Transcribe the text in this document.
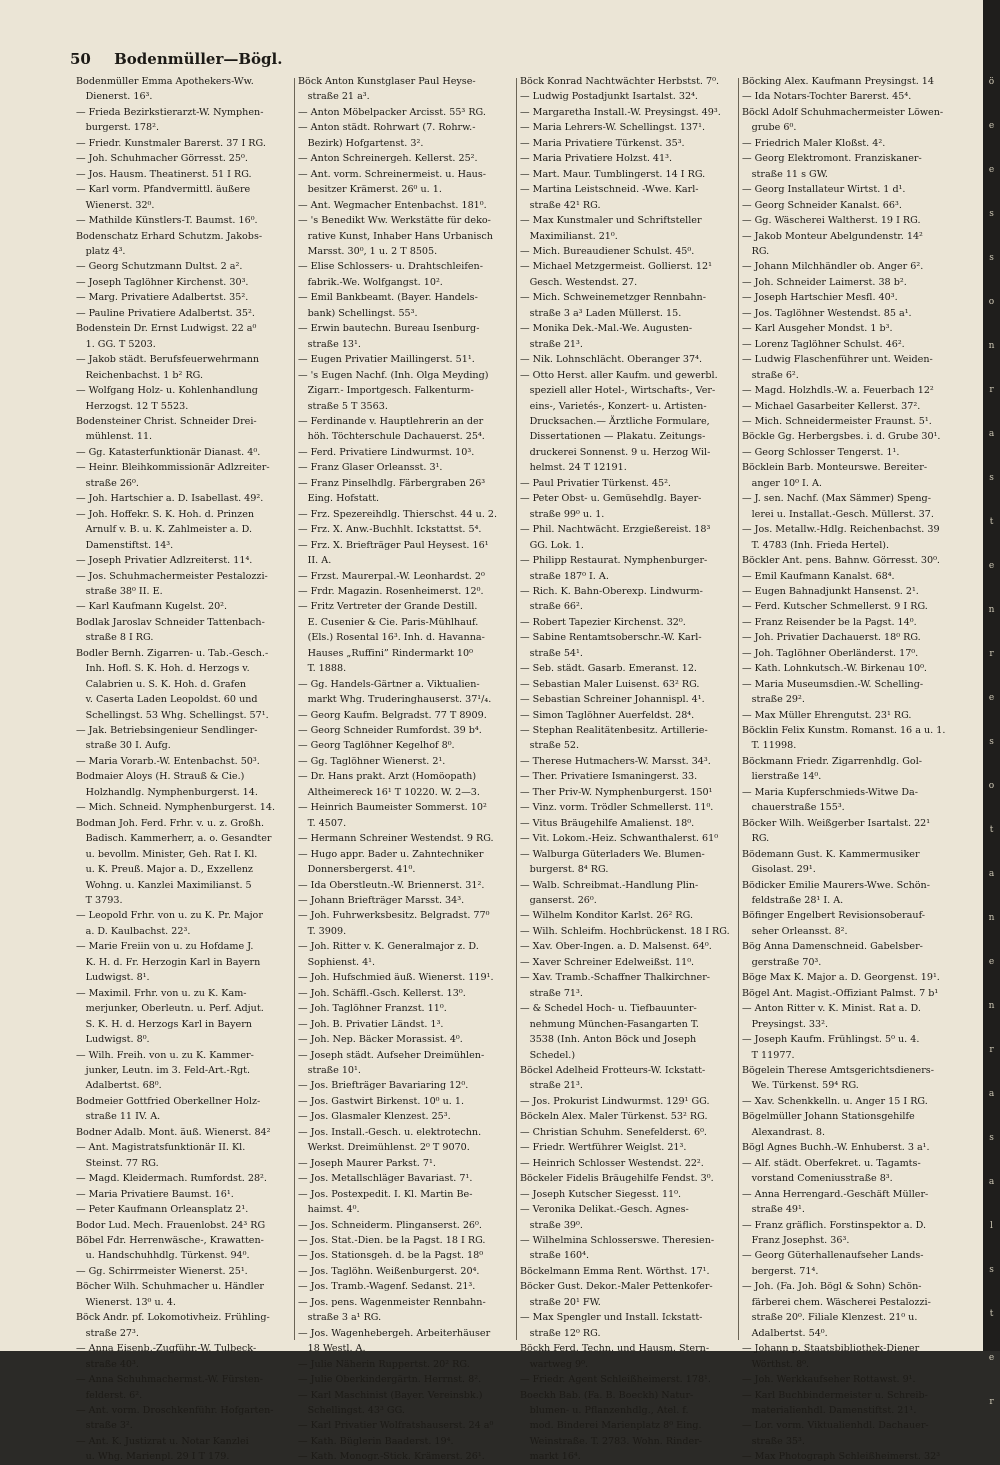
50 Bodenmüller—Bögl.
Bodenmüller Emma Apothekers-Ww.
 Dienerst. 16³.
— Frieda Bezirkstierarzt-W. Nymphen-
 burgerst. 178².
— Friedr. Kunstmaler Barerst. 37 I RG.
— Joh. Schuhmacher Görresst. 25⁰.
— Jos. Hausm. Theatinerst. 51 I RG.
— Karl vorm. Pfandvermittl. äußere
 Wienerst. 32⁰.
— Mathilde Künstlers-T. Baumst. 16⁰.
Bodenschatz Erhard Schutzm. Jakobs-
 platz 4³.
— Georg Schutzmann Dultst. 2 a².
— Joseph Taglöhner Kirchenst. 30³.
— Marg. Privatiere Adalbertst. 35².
— Pauline Privatiere Adalbertst. 35².
Bodenstein Dr. Ernst Ludwigst. 22 a⁰
 1. GG. T 5203.
— Jakob städt. Berufsfeuerwehrmann
 Reichenbachst. 1 b² RG.
— Wolfgang Holz- u. Kohlenhandlung
 Herzogst. 12 T 5523.
Bodensteiner Christ. Schneider Drei-
 mühlenst. 11.
— Gg. Katasterfunktionär Dianast. 4⁰.
— Heinr. Bleihkommissionär Adlzreiter-
 straße 26⁰.
— Joh. Hartschier a. D. Isabellast. 49².
— Joh. Hoffekr. S. K. Hoh. d. Prinzen
 Arnulf v. B. u. K. Zahlmeister a. D.
 Damenstiftst. 14³.
— Joseph Privatier Adlzreiterst. 11⁴.
— Jos. Schuhmachermeister Pestalozzi-
 straße 38⁰ II. E.
— Karl Kaufmann Kugelst. 20².
Bodlak Jaroslav Schneider Tattenbach-
 straße 8 I RG.
Bodler Bernh. Zigarren- u. Tab.-Gesch.-
 Inh. Hofl. S. K. Hoh. d. Herzogs v.
 Calabrien u. S. K. Hoh. d. Grafen
 v. Caserta Laden Leopoldst. 60 und
 Schellingst. 53 Whg. Schellingst. 57¹.
— Jak. Betriebsingenieur Sendlinger-
 straße 30 I. Aufg.
— Maria Vorarb.-W. Entenbachst. 50³.
Bodmaier Aloys (H. Strauß & Cie.)
 Holzhandlg. Nymphenburgerst. 14.
— Mich. Schneid. Nymphenburgerst. 14.
Bodman Joh. Ferd. Frhr. v. u. z. Großh.
 Badisch. Kammerherr, a. o. Gesandter
 u. bevollm. Minister, Geh. Rat I. Kl.
 u. K. Preuß. Major a. D., Exzellenz
 Wohng. u. Kanzlei Maximilianst. 5
 T 3793.
— Leopold Frhr. von u. zu K. Pr. Major
 a. D. Kaulbachst. 22³.
— Marie Freiin von u. zu Hofdame J.
 K. H. d. Fr. Herzogin Karl in Bayern
 Ludwigst. 8¹.
— Maximil. Frhr. von u. zu K. Kam-
 merjunker, Oberleutn. u. Perf. Adjut.
 S. K. H. d. Herzogs Karl in Bayern
 Ludwigst. 8⁰.
— Wilh. Freih. von u. zu K. Kammer-
 junker, Leutn. im 3. Feld-Art.-Rgt.
 Adalbertst. 68⁰.
Bodmeier Gottfried Oberkellner Holz-
 straße 11 IV. A.
Bodner Adalb. Mont. äuß. Wienerst. 84²
— Ant. Magistratsfunktionär II. Kl.
 Steinst. 77 RG.
— Magd. Kleidermach. Rumfordst. 28².
— Maria Privatiere Baumst. 16¹.
— Peter Kaufmann Orleansplatz 2¹.
Bodor Lud. Mech. Frauenlobst. 24³ RG
Böbel Fdr. Herrenwäsche-, Krawatten-
 u. Handschuhhdlg. Türkenst. 94⁰.
— Gg. Schirrmeister Wienerst. 25¹.
Böcher Wilh. Schuhmacher u. Händler
 Wienerst. 13⁰ u. 4.
Böck Andr. pf. Lokomotivheiz. Frühling-
 straße 27³.
— Anna Eisenb.-Zugführ.-W. Tulbeck-
 straße 40³.
— Anna Schuhmachermst.-W. Fürsten-
 felderst. 6².
— Ant. vorm. Droschkenführ. Hofgarten-
 straße 3².
— Ant. K. Justizrat u. Notar Kanzlei
 u. Whg. Marienpl. 29 I T 179.
Böck Anton Kunstglaser Paul Heyse-
 straße 21 a³.
— Anton Möbelpacker Arcisst. 55³ RG.
— Anton städt. Rohrwart (7. Rohrw.-
 Bezirk) Hofgartenst. 3².
— Anton Schreinergeh. Kellerst. 25².
— Ant. vorm. Schreinermeist. u. Haus-
 besitzer Krämerst. 26⁰ u. 1.
— Ant. Wegmacher Entenbachst. 181⁰.
— 's Benedikt Ww. Werkstätte für deko-
 rative Kunst, Inhaber Hans Urbanisch
 Marsst. 30⁰, 1 u. 2 T 8505.
— Elise Schlossers- u. Drahtschleifen-
 fabrik.-We. Wolfgangst. 10².
— Emil Bankbeamt. (Bayer. Handels-
 bank) Schellingst. 55³.
— Erwin bautechn. Bureau Isenburg-
 straße 13¹.
— Eugen Privatier Maillingerst. 51¹.
— 's Eugen Nachf. (Inh. Olga Meyding)
 Zigarr.- Importgesch. Falkenturm-
 straße 5 T 3563.
— Ferdinande v. Hauptlehrerin an der
 höh. Töchterschule Dachauerst. 25⁴.
— Ferd. Privatiere Lindwurmst. 10³.
— Franz Glaser Orleansst. 3¹.
— Franz Pinselhdlg. Färbergraben 26³
 Eing. Hofstatt.
— Frz. Spezereihdlg. Thierschst. 44 u. 2.
— Frz. X. Anw.-Buchhlt. Ickstattst. 5⁴.
— Frz. X. Briefträger Paul Heysest. 16¹
 II. A.
— Frzst. Maurerpal.-W. Leonhardst. 2⁰
— Frdr. Magazin. Rosenheimerst. 12⁰.
— Fritz Vertreter der Grande Destill.
 E. Cusenier & Cie. Paris-Mühlhauf.
 (Els.) Rosental 16³. Inh. d. Havanna-
 Hauses „Ruffini” Rindermarkt 10⁰
 T. 1888.
— Gg. Handels-Gärtner a. Viktualien-
 markt Whg. Truderinghauserst. 37¹/₄.
— Georg Kaufm. Belgradst. 77 T 8909.
— Georg Schneider Rumfordst. 39 b⁴.
— Georg Taglöhner Kegelhof 8⁰.
— Gg. Taglöhner Wienerst. 2¹.
— Dr. Hans prakt. Arzt (Homöopath)
 Altheimereck 16¹ T 10220. W. 2—3.
— Heinrich Baumeister Sommerst. 10²
 T. 4507.
— Hermann Schreiner Westendst. 9 RG.
— Hugo appr. Bader u. Zahntechniker
 Donnersbergerst. 41⁰.
— Ida Oberstleutn.-W. Briennerst. 31².
— Johann Briefträger Marsst. 34³.
— Joh. Fuhrwerksbesitz. Belgradst. 77⁰
 T. 3909.
— Joh. Ritter v. K. Generalmajor z. D.
 Sophienst. 4¹.
— Joh. Hufschmied äuß. Wienerst. 119¹.
— Joh. Schäffl.-Gsch. Kellerst. 13⁰.
— Joh. Taglöhner Franzst. 11⁰.
— Joh. B. Privatier Ländst. 1³.
— Joh. Nep. Bäcker Morassist. 4⁰.
— Joseph städt. Aufseher Dreimühlen-
 straße 10¹.
— Jos. Briefträger Bavariaring 12⁰.
— Jos. Gastwirt Birkenst. 10⁰ u. 1.
— Jos. Glasmaler Klenzest. 25³.
— Jos. Install.-Gesch. u. elektrotechn.
 Werkst. Dreimühlenst. 2⁰ T 9070.
— Joseph Maurer Parkst. 7¹.
— Jos. Metallschläger Bavariast. 7¹.
— Jos. Postexpedit. I. Kl. Martin Be-
 haimst. 4⁰.
— Jos. Schneiderm. Plinganserst. 26⁰.
— Jos. Stat.-Dien. be la Pagst. 18 I RG.
— Jos. Stationsgeh. d. be la Pagst. 18⁰
— Jos. Taglöhn. Weißenburgerst. 20⁴.
— Jos. Tramb.-Wagenf. Sedanst. 21³.
— Jos. pens. Wagenmeister Rennbahn-
 straße 3 a¹ RG.
— Jos. Wagenhebergeh. Arbeiterhäuser
 18 Westl. A.
— Julie Näherin Ruppertst. 20² RG.
— Julie Oberkindergärtn. Herrnst. 8².
— Karl Maschinist (Bayer. Vereinsbk.)
 Schellingst. 43³ GG.
— Karl Privatier Wolfratshauserst. 24 a⁰
— Kath. Büglerin Baaderst. 19⁴.
— Kath. Monogr.-Stick. Krämerst. 26¹.
Böck Konrad Nachtwächter Herbstst. 7⁰.
— Ludwig Postadjunkt Isartalst. 32⁴.
— Margaretha Install.-W. Preysingst. 49³.
— Maria Lehrers-W. Schellingst. 137¹.
— Maria Privatiere Türkenst. 35³.
— Maria Privatiere Holzst. 41³.
— Mart. Maur. Tumblingerst. 14 I RG.
— Martina Leistschneid. -Wwe. Karl-
 straße 42¹ RG.
— Max Kunstmaler und Schriftsteller
 Maximilianst. 21⁰.
— Mich. Bureaudiener Schulst. 45⁰.
— Michael Metzgermeist. Gollierst. 12¹
 Gesch. Westendst. 27.
— Mich. Schweinemetzger Rennbahn-
 straße 3 a³ Laden Müllerst. 15.
— Monika Dek.-Mal.-We. Augusten-
 straße 21³.
— Nik. Lohnschlächt. Oberanger 37⁴.
— Otto Herst. aller Kaufm. und gewerbl.
 speziell aller Hotel-, Wirtschafts-, Ver-
 eins-, Varietés-, Konzert- u. Artisten-
 Drucksachen.— Ärztliche Formulare,
 Dissertationen — Plakatu. Zeitungs-
 druckerei Sonnenst. 9 u. Herzog Wil-
 helmst. 24 T 12191.
— Paul Privatier Türkenst. 45².
— Peter Obst- u. Gemüsehdlg. Bayer-
 straße 99⁰ u. 1.
— Phil. Nachtwächt. Erzgießereist. 18³
 GG. Lok. 1.
— Philipp Restaurat. Nymphenburger-
 straße 187⁰ I. A.
— Rich. K. Bahn-Oberexp. Lindwurm-
 straße 66².
— Robert Tapezier Kirchenst. 32⁰.
— Sabine Rentamtsoberschr.-W. Karl-
 straße 54¹.
— Seb. städt. Gasarb. Emeranst. 12.
— Sebastian Maler Luisenst. 63² RG.
— Sebastian Schreiner Johannispl. 4¹.
— Simon Taglöhner Auerfeldst. 28⁴.
— Stephan Realitätenbesitz. Artillerie-
 straße 52.
— Therese Hutmachers-W. Marsst. 34³.
— Ther. Privatiere Ismaningerst. 33.
— Ther Priv-W. Nymphenburgerst. 150¹
— Vinz. vorm. Trödler Schmellerst. 11⁰.
— Vitus Bräugehilfe Amalienst. 18⁰.
— Vit. Lokom.-Heiz. Schwanthalerst. 61⁰
— Walburga Güterladers We. Blumen-
 burgerst. 8⁴ RG.
— Walb. Schreibmat.-Handlung Plin-
 ganserst. 26⁰.
— Wilhelm Konditor Karlst. 26² RG.
— Wilh. Schleifm. Hochbrückenst. 18 I RG.
— Xav. Ober-Ingen. a. D. Malsenst. 64⁰.
— Xaver Schreiner Edelweißst. 11⁰.
— Xav. Tramb.-Schaffner Thalkirchner-
 straße 71³.
— & Schedel Hoch- u. Tiefbauunter-
 nehmung München-Fasangarten T.
 3538 (Inh. Anton Böck und Joseph
 Schedel.)
Böckel Adelheid Frotteurs-W. Ickstatt-
 straße 21³.
— Jos. Prokurist Lindwurmst. 129¹ GG.
Böckeln Alex. Maler Türkenst. 53² RG.
— Christian Schuhm. Senefelderst. 6⁰.
— Friedr. Wertführer Weiglst. 21³.
— Heinrich Schlosser Westendst. 22².
Böckeler Fidelis Bräugehilfe Fendst. 3⁰.
— Joseph Kutscher Siegesst. 11⁰.
— Veronika Delikat.-Gesch. Agnes-
 straße 39⁰.
— Wilhelmina Schlosserswe. Theresien-
 straße 160⁴.
Böckelmann Emma Rent. Wörthst. 17¹.
Böcker Gust. Dekor.-Maler Pettenkofer-
 straße 20¹ FW.
— Max Spengler und Install. Ickstatt-
 straße 12⁰ RG.
Böckh Ferd. Techn. und Hausm. Stern-
 wartweg 9⁰.
— Friedr. Agent Schleißheimerst. 178¹.
Boeckh Bab. (Fa. B. Boeckh) Natur-
 blumen- u. Pflanzenhdlg., Atel. f.
 mod. Binderei Marienplatz 8⁰ Eing.
 Weinstraße. T. 2783. Wohn. Rinder-
 markt 16⁴.
Böcking Alex. Kaufmann Preysingst. 14
— Ida Notars-Tochter Barerst. 45⁴.
Böckl Adolf Schuhmachermeister Löwen-
 grube 6⁰.
— Friedrich Maler Kloßst. 4².
— Georg Elektromont. Franziskaner-
 straße 11 s GW.
— Georg Installateur Wirtst. 1 d¹.
— Georg Schneider Kanalst. 66³.
— Gg. Wäscherei Waltherst. 19 I RG.
— Jakob Monteur Abelgundenstr. 14²
 RG.
— Johann Milchhändler ob. Anger 6².
— Joh. Schneider Laimerst. 38 b².
— Joseph Hartschier Mesfl. 40³.
— Jos. Taglöhner Westendst. 85 a¹.
— Karl Ausgeher Mondst. 1 b³.
— Lorenz Taglöhner Schulst. 46².
— Ludwig Flaschenführer unt. Weiden-
 straße 6².
— Magd. Holzhdls.-W. a. Feuerbach 12²
— Michael Gasarbeiter Kellerst. 37².
— Mich. Schneidermeister Fraunst. 5¹.
Böckle Gg. Herbergsbes. i. d. Grube 30¹.
— Georg Schlosser Tengerst. 1¹.
Böcklein Barb. Monteurswe. Bereiter-
 anger 10⁰ I. A.
— J. sen. Nachf. (Max Sämmer) Speng-
 lerei u. Installat.-Gesch. Müllerst. 37.
— Jos. Metallw.-Hdlg. Reichenbachst. 39
 T. 4783 (Inh. Frieda Hertel).
Böckler Ant. pens. Bahnw. Görresst. 30⁰.
— Emil Kaufmann Kanalst. 68⁴.
— Eugen Bahnadjunkt Hansenst. 2¹.
— Ferd. Kutscher Schmellerst. 9 I RG.
— Franz Reisender be la Pagst. 14⁰.
— Joh. Privatier Dachauerst. 18⁰ RG.
— Joh. Taglöhner Oberländerst. 17⁰.
— Kath. Lohnkutsch.-W. Birkenau 10⁰.
— Maria Museumsdien.-W. Schelling-
 straße 29².
— Max Müller Ehrengutst. 23¹ RG.
Böcklin Felix Kunstm. Romanst. 16 a u. 1.
 T. 11998.
Böckmann Friedr. Zigarrenhdlg. Gol-
 lierstraße 14⁰.
— Maria Kupferschmieds-Witwe Da-
 chauerstraße 155³.
Böcker Wilh. Weißgerber Isartalst. 22¹
 RG.
Bödemann Gust. K. Kammermusiker
 Gisolast. 29¹.
Bödicker Emilie Maurers-Wwe. Schön-
 feldstraße 28¹ I. A.
Böfinger Engelbert Revisionsoberauf-
 seher Orleansst. 8².
Bög Anna Damenschneid. Gabelsber-
 gerstraße 70³.
Böge Max K. Major a. D. Georgenst. 19¹.
Bögel Ant. Magist.-Offiziant Palmst. 7 b¹
— Anton Ritter v. K. Minist. Rat a. D.
 Preysingst. 33².
— Joseph Kaufm. Frühlingst. 5⁰ u. 4.
 T 11977.
Bögelein Therese Amtsgerichtsdieners-
 We. Türkenst. 59⁴ RG.
— Xav. Schenkkelln. u. Anger 15 I RG.
Bögelmüller Johann Stationsgehilfe
 Alexandrast. 8.
Bögl Agnes Buchh.-W. Enhuberst. 3 a¹.
— Alf. städt. Oberfekret. u. Tagamts-
 vorstand Comeniusstraße 8³.
— Anna Herrengard.-Geschäft Müller-
 straße 49¹.
— Franz gräflich. Forstinspektor a. D.
 Franz Josephst. 36³.
— Georg Güterhallenaufseher Lands-
 bergerst. 71⁴.
— Joh. (Fa. Joh. Bögl & Sohn) Schön-
 färberei chem. Wäscherei Pestalozzi-
 straße 20⁰. Filiale Klenzest. 21⁰ u.
 Adalbertst. 54⁰.
— Johann p. Staatsbibliothek-Diener
 Wörthst. 8⁰.
— Joh. Werkkaufseher Rottawst. 9¹.
— Karl Buchbindermeister u. Schreib-
 materialienhdl. Damenstiftst. 21¹.
— Lor. vorm. Viktualienhdl. Dachauer-
 straße 35³.
— Max Photograph Schleißheimerst. 32³
ö
e
e
s
s
o
n
r
a
s
t
e
n
r
e
s
o
t
a
n
e
n
r
a
s
a
l
s
t
e
r
